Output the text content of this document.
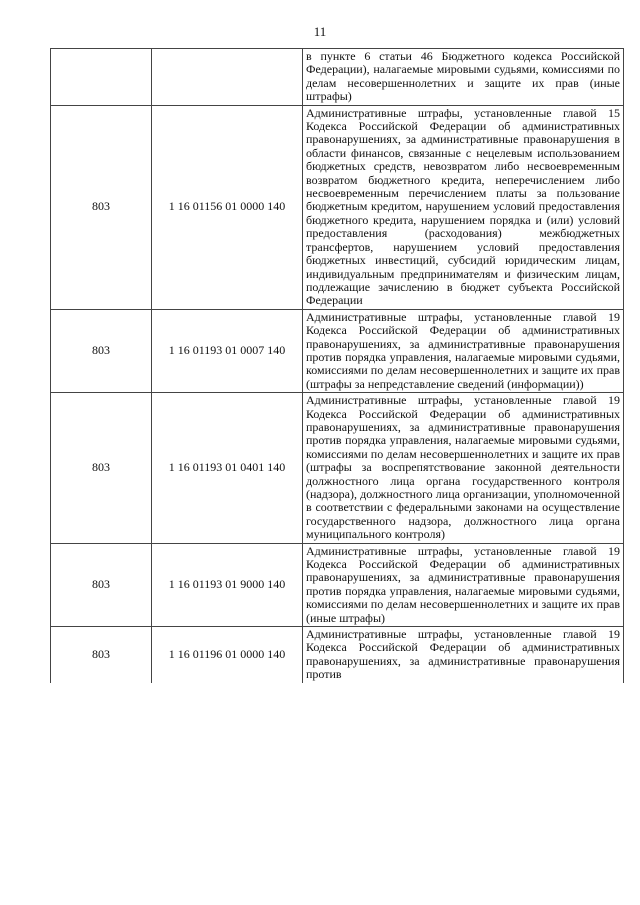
11
		в пункте 6 статьи 46 Бюджетного кодекса Российской Федерации), налагаемые мировыми судьями, комиссиями по делам несовершеннолетних и защите их прав (иные штрафы)
803	1 16 01156 01 0000 140	Административные штрафы, установленные главой 15 Кодекса Российской Федерации об административных правонарушениях, за административные правонарушения в области финансов, связанные с нецелевым использованием бюджетных средств, невозвратом либо несвоевременным возвратом бюджетного кредита, неперечислением либо несвоевременным перечислением платы за пользование бюджетным кредитом, нарушением условий предоставления бюджетного кредита, нарушением порядка и (или) условий предоставления (расходования) межбюджетных трансфертов, нарушением условий предоставления бюджетных инвестиций, субсидий юридическим лицам, индивидуальным предпринимателям и физическим лицам, подлежащие зачислению в бюджет субъекта Российской Федерации
803	1 16 01193 01 0007 140	Административные штрафы, установленные главой 19 Кодекса Российской Федерации об административных правонарушениях, за административные правонарушения против порядка управления, налагаемые мировыми судьями, комиссиями по делам несовершеннолетних и защите их прав (штрафы за непредставление сведений (информации))
803	1 16 01193 01 0401 140	Административные штрафы, установленные главой 19 Кодекса Российской Федерации об административных правонарушениях, за административные правонарушения против порядка управления, налагаемые мировыми судьями, комиссиями по делам несовершеннолетних и защите их прав (штрафы за воспрепятствование законной деятельности должностного лица органа государственного контроля (надзора), должностного лица организации, уполномоченной в соответствии с федеральными законами на осуществление государственного надзора, должностного лица органа муниципального контроля)
803	1 16 01193 01 9000 140	Административные штрафы, установленные главой 19 Кодекса Российской Федерации об административных правонарушениях, за административные правонарушения против порядка управления, налагаемые мировыми судьями, комиссиями по делам несовершеннолетних и защите их прав (иные штрафы)
803	1 16 01196 01 0000 140	Административные штрафы, установленные главой 19 Кодекса Российской Федерации об административных правонарушениях, за административные правонарушения против
